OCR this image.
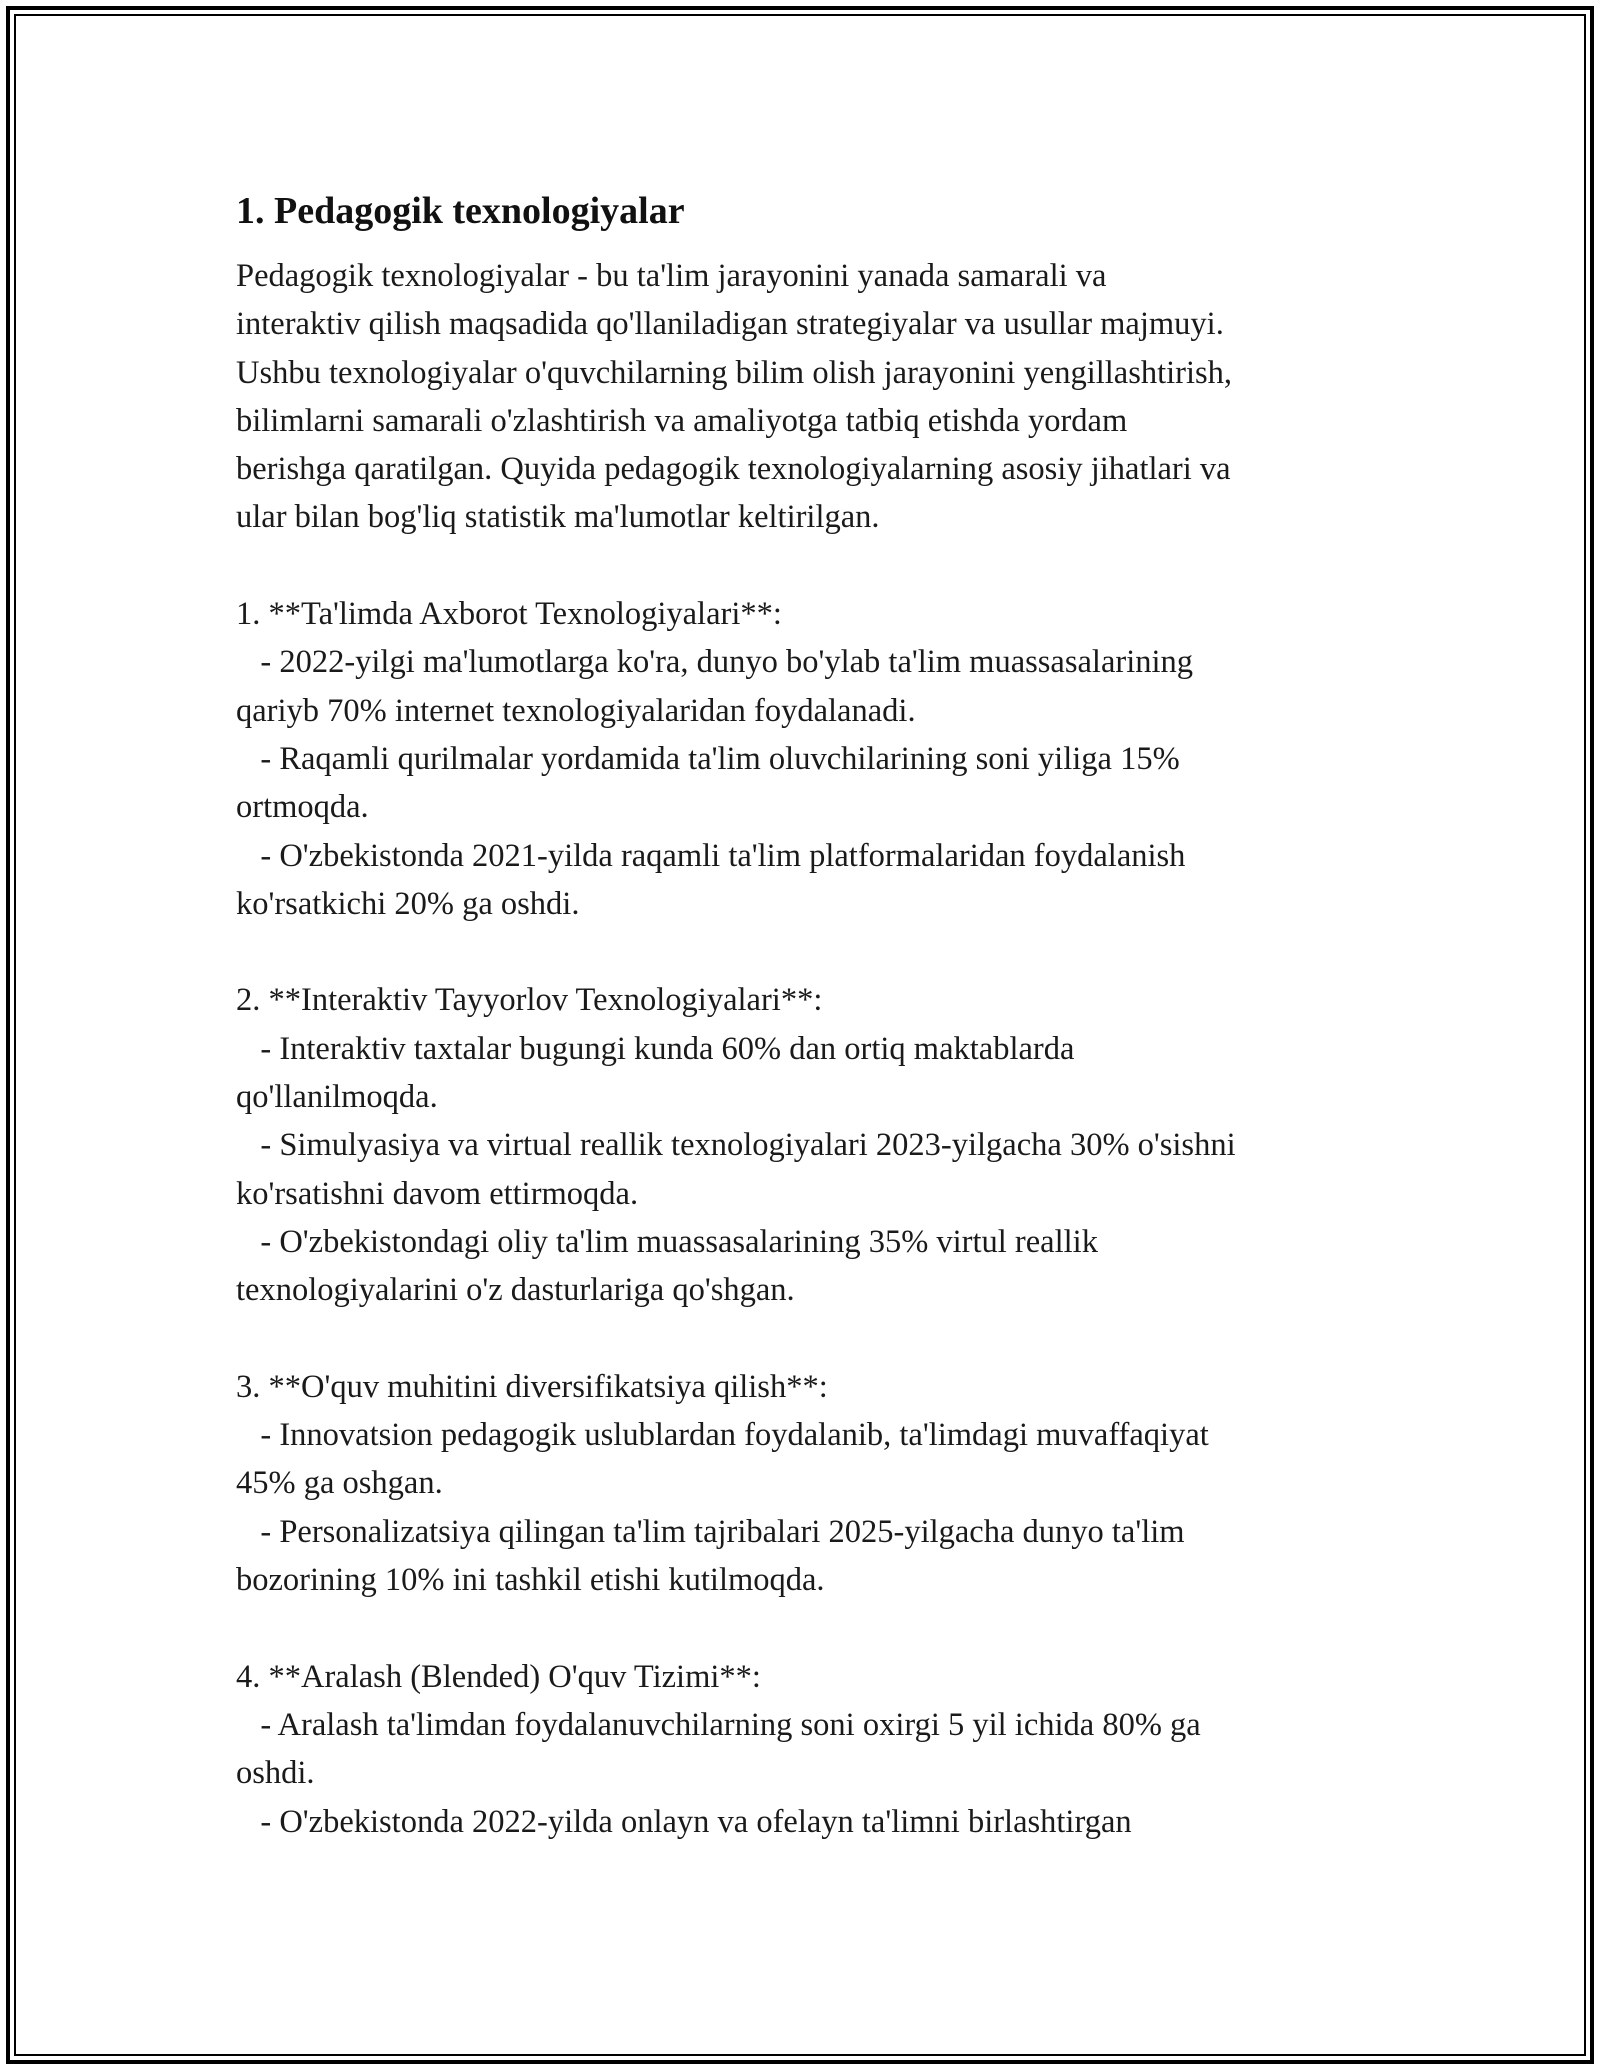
1. Pedagogik texnologiyalar
Pedagogik texnologiyalar - bu ta'lim jarayonini yanada samarali va
interaktiv qilish maqsadida qo'llaniladigan strategiyalar va usullar majmuyi.
Ushbu texnologiyalar o'quvchilarning bilim olish jarayonini yengillashtirish,
bilimlarni samarali o'zlashtirish va amaliyotga tatbiq etishda yordam
berishga qaratilgan. Quyida pedagogik texnologiyalarning asosiy jihatlari va
ular bilan bog'liq statistik ma'lumotlar keltirilgan.
1. **Ta'limda Axborot Texnologiyalari**:
- 2022-yilgi ma'lumotlarga ko'ra, dunyo bo'ylab ta'lim muassasalarining
qariyb 70% internet texnologiyalaridan foydalanadi.
- Raqamli qurilmalar yordamida ta'lim oluvchilarining soni yiliga 15%
ortmoqda.
- O'zbekistonda 2021-yilda raqamli ta'lim platformalaridan foydalanish
ko'rsatkichi 20% ga oshdi.
2. **Interaktiv Tayyorlov Texnologiyalari**:
- Interaktiv taxtalar bugungi kunda 60% dan ortiq maktablarda
qo'llanilmoqda.
- Simulyasiya va virtual reallik texnologiyalari 2023-yilgacha 30% o'sishni
ko'rsatishni davom ettirmoqda.
- O'zbekistondagi oliy ta'lim muassasalarining 35% virtul reallik
texnologiyalarini o'z dasturlariga qo'shgan.
3. **O'quv muhitini diversifikatsiya qilish**:
- Innovatsion pedagogik uslublardan foydalanib, ta'limdagi muvaffaqiyat
45% ga oshgan.
- Personalizatsiya qilingan ta'lim tajribalari 2025-yilgacha dunyo ta'lim
bozorining 10% ini tashkil etishi kutilmoqda.
4. **Aralash (Blended) O'quv Tizimi**:
- Aralash ta'limdan foydalanuvchilarning soni oxirgi 5 yil ichida 80% ga
oshdi.
- O'zbekistonda 2022-yilda onlayn va ofelayn ta'limni birlashtirgan
